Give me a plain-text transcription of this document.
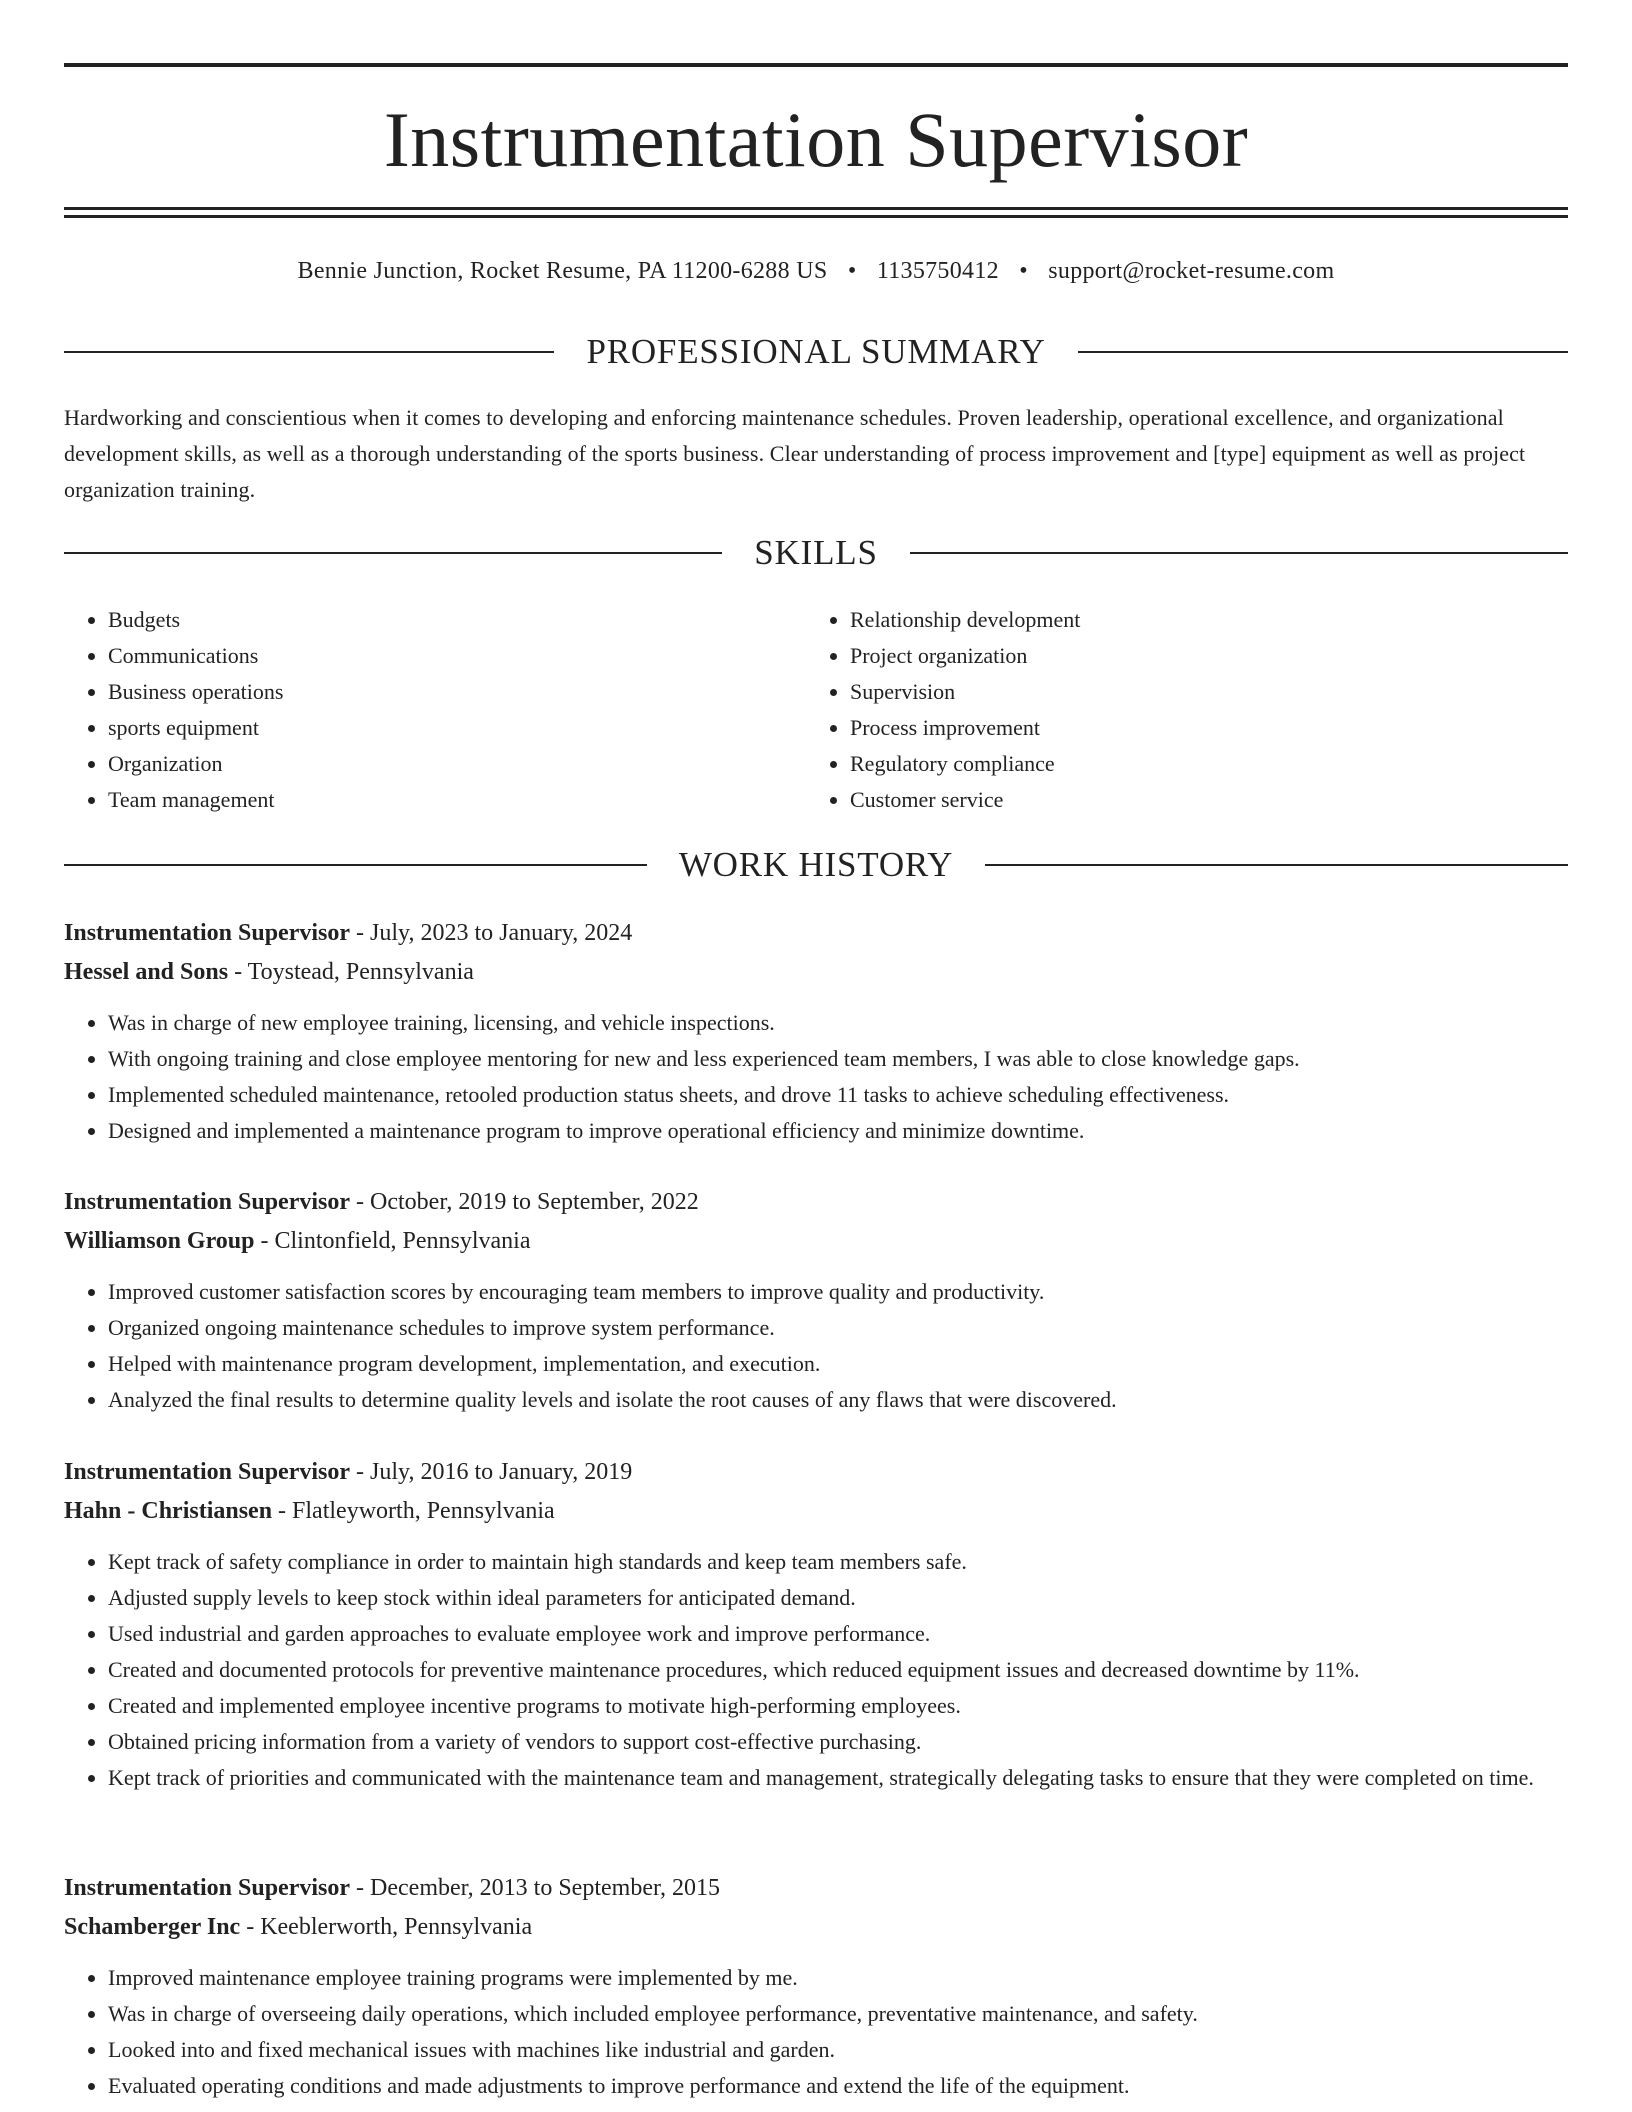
Instrumentation Supervisor
Bennie Junction, Rocket Resume, PA 11200-6288 US • 1135750412 • support@rocket-resume.com
PROFESSIONAL SUMMARY
Hardworking and conscientious when it comes to developing and enforcing maintenance schedules. Proven leadership, operational excellence, and organizational development skills, as well as a thorough understanding of the sports business. Clear understanding of process improvement and [type] equipment as well as project organization training.
SKILLS
• Budgets
• Communications
• Business operations
• sports equipment
• Organization
• Team management
• Relationship development
• Project organization
• Supervision
• Process improvement
• Regulatory compliance
• Customer service
WORK HISTORY
Instrumentation Supervisor - July, 2023 to January, 2024
Hessel and Sons - Toystead, Pennsylvania
• Was in charge of new employee training, licensing, and vehicle inspections.
• With ongoing training and close employee mentoring for new and less experienced team members, I was able to close knowledge gaps.
• Implemented scheduled maintenance, retooled production status sheets, and drove 11 tasks to achieve scheduling effectiveness.
• Designed and implemented a maintenance program to improve operational efficiency and minimize downtime.
Instrumentation Supervisor - October, 2019 to September, 2022
Williamson Group - Clintonfield, Pennsylvania
• Improved customer satisfaction scores by encouraging team members to improve quality and productivity.
• Organized ongoing maintenance schedules to improve system performance.
• Helped with maintenance program development, implementation, and execution.
• Analyzed the final results to determine quality levels and isolate the root causes of any flaws that were discovered.
Instrumentation Supervisor - July, 2016 to January, 2019
Hahn - Christiansen - Flatleyworth, Pennsylvania
• Kept track of safety compliance in order to maintain high standards and keep team members safe.
• Adjusted supply levels to keep stock within ideal parameters for anticipated demand.
• Used industrial and garden approaches to evaluate employee work and improve performance.
• Created and documented protocols for preventive maintenance procedures, which reduced equipment issues and decreased downtime by 11%.
• Created and implemented employee incentive programs to motivate high-performing employees.
• Obtained pricing information from a variety of vendors to support cost-effective purchasing.
• Kept track of priorities and communicated with the maintenance team and management, strategically delegating tasks to ensure that they were completed on time.
Instrumentation Supervisor - December, 2013 to September, 2015
Schamberger Inc - Keeblerworth, Pennsylvania
• Improved maintenance employee training programs were implemented by me.
• Was in charge of overseeing daily operations, which included employee performance, preventative maintenance, and safety.
• Looked into and fixed mechanical issues with machines like industrial and garden.
• Evaluated operating conditions and made adjustments to improve performance and extend the life of the equipment.
